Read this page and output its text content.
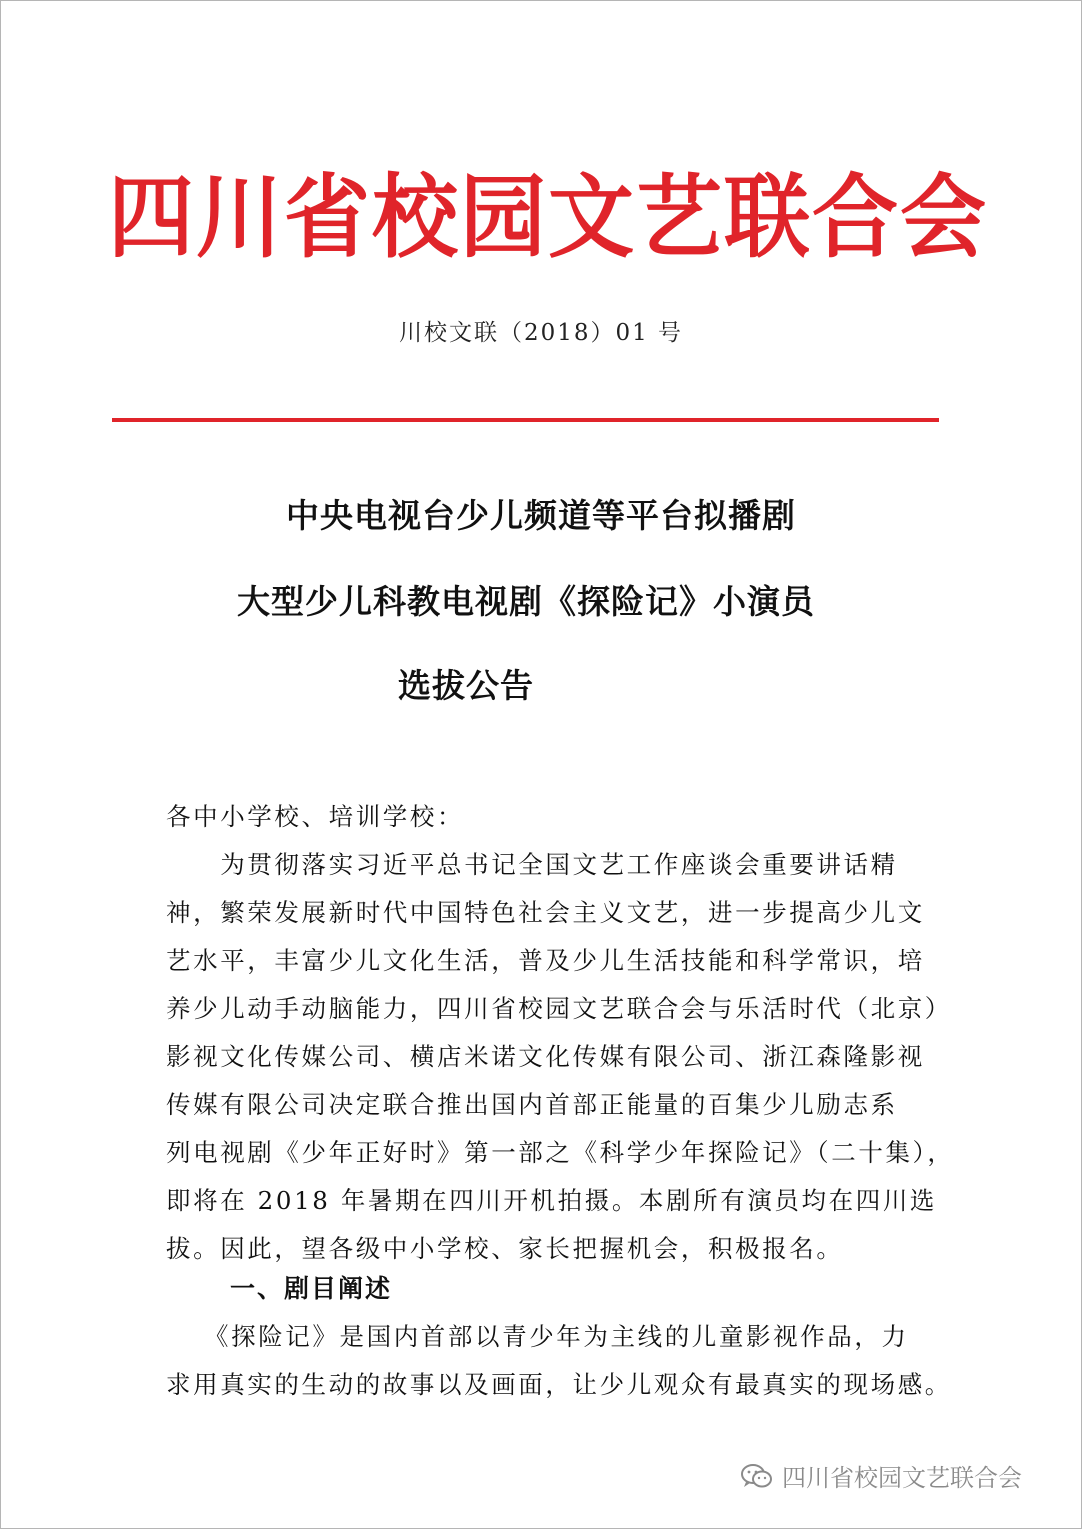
四川省校园文艺联合会
川校文联（2018）01 号
中央电视台少儿频道等平台拟播剧
大型少儿科教电视剧《探险记》小演员
选拔公告
各中小学校、培训学校：
　　为贯彻落实习近平总书记全国文艺工作座谈会重要讲话精
神，繁荣发展新时代中国特色社会主义文艺，进一步提高少儿文
艺水平，丰富少儿文化生活，普及少儿生活技能和科学常识，培
养少儿动手动脑能力，四川省校园文艺联合会与乐活时代（北京）
影视文化传媒公司、横店米诺文化传媒有限公司、浙江森隆影视
传媒有限公司决定联合推出国内首部正能量的百集少儿励志系
列电视剧《少年正好时》第一部之《科学少年探险记》（二十集），
即将在 2018 年暑期在四川开机拍摄。本剧所有演员均在四川选
拔。因此，望各级中小学校、家长把握机会，积极报名。
一、剧目阐述
《探险记》是国内首部以青少年为主线的儿童影视作品，力
求用真实的生动的故事以及画面，让少儿观众有最真实的现场感。
四川省校园文艺联合会
